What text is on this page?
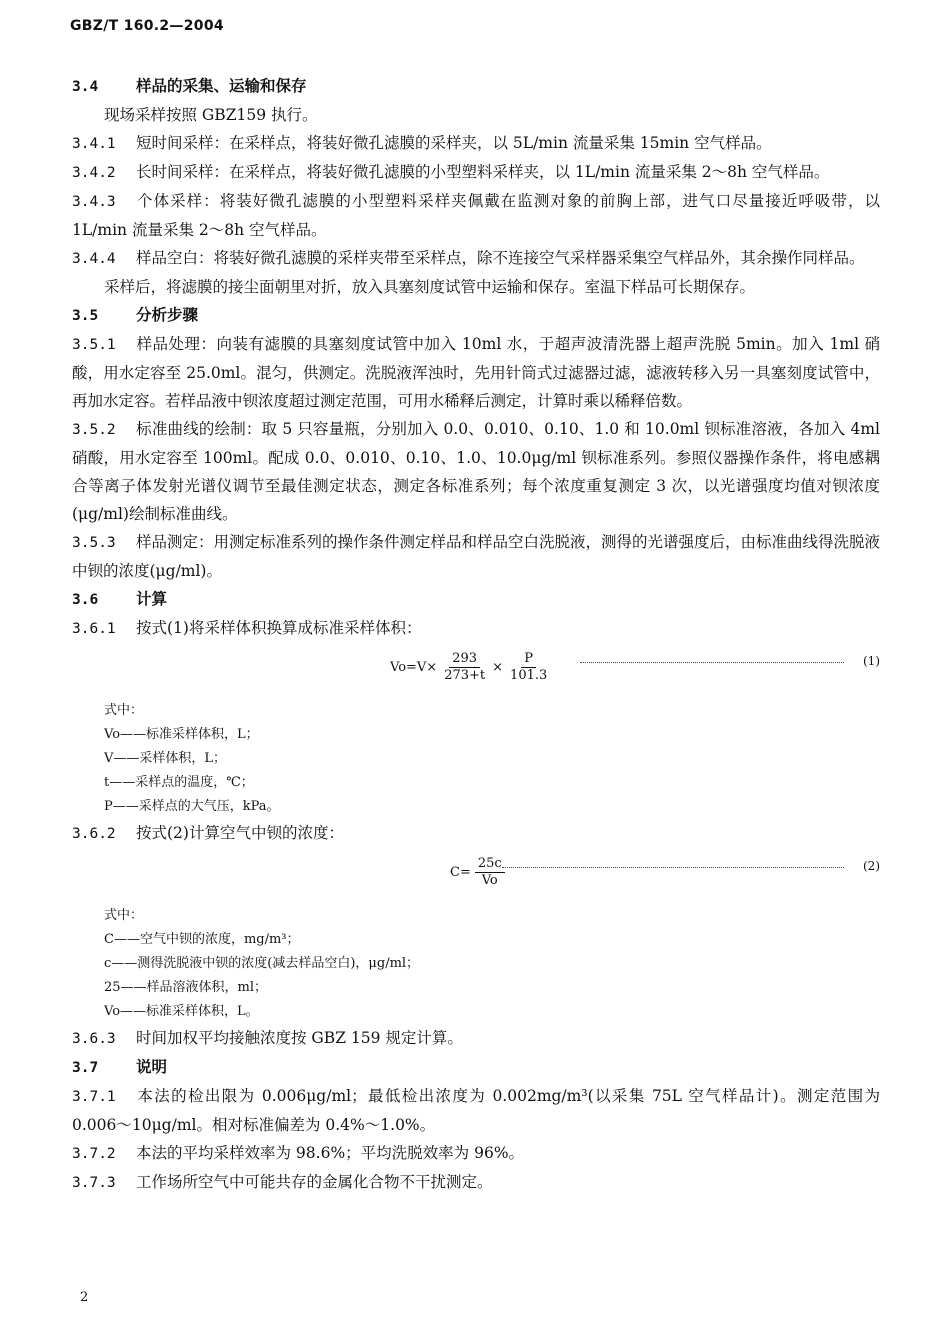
GBZ/T 160.2—2004

3.4 样品的采集、运输和保存

现场采样按照 GBZ159 执行。

3.4.1 短时间采样：在采样点，将装好微孔滤膜的采样夹，以 5L/min 流量采集 15min 空气样品。

3.4.2 长时间采样：在采样点，将装好微孔滤膜的小型塑料采样夹，以 1L/min 流量采集 2～8h 空气样品。

3.4.3 个体采样：将装好微孔滤膜的小型塑料采样夹佩戴在监测对象的前胸上部，进气口尽量接近呼吸带，以 1L/min 流量采集 2～8h 空气样品。

3.4.4 样品空白：将装好微孔滤膜的采样夹带至采样点，除不连接空气采样器采集空气样品外，其余操作同样品。

采样后，将滤膜的接尘面朝里对折，放入具塞刻度试管中运输和保存。室温下样品可长期保存。

3.5 分析步骤

3.5.1 样品处理：向装有滤膜的具塞刻度试管中加入 10ml 水，于超声波清洗器上超声洗脱 5min。加入 1ml 硝酸，用水定容至 25.0ml。混匀，供测定。洗脱液浑浊时，先用针筒式过滤器过滤，滤液转移入另一具塞刻度试管中，再加水定容。若样品液中钡浓度超过测定范围，可用水稀释后测定，计算时乘以稀释倍数。

3.5.2 标准曲线的绘制：取 5 只容量瓶，分别加入 0.0、0.010、0.10、1.0 和 10.0ml 钡标准溶液，各加入 4ml 硝酸，用水定容至 100ml。配成 0.0、0.010、0.10、1.0、10.0μg/ml 钡标准系列。参照仪器操作条件，将电感耦合等离子体发射光谱仪调节至最佳测定状态，测定各标准系列；每个浓度重复测定 3 次，以光谱强度均值对钡浓度(μg/ml)绘制标准曲线。

3.5.3 样品测定：用测定标准系列的操作条件测定样品和样品空白洗脱液，测得的光谱强度后，由标准曲线得洗脱液中钡的浓度(μg/ml)。

3.6 计算

3.6.1 按式(1)将采样体积换算成标准采样体积：

$Vo=V\times \frac{293}{273+t} \times \frac{P}{101.3}$	(1)
式中：
Vo——标准采样体积，L；
V——采样体积，L；
t——采样点的温度，℃；
P——采样点的大气压，kPa。

3.6.2 按式(2)计算空气中钡的浓度：

$C= \frac{25c}{Vo}$	(2)
式中：
C——空气中钡的浓度，mg/m³；
c——测得洗脱液中钡的浓度(减去样品空白)，μg/ml；
25——样品溶液体积，ml；
Vo——标准采样体积，L。

3.6.3 时间加权平均接触浓度按 GBZ 159 规定计算。

3.7 说明

3.7.1 本法的检出限为 0.006μg/ml；最低检出浓度为 0.002mg/m³(以采集 75L 空气样品计)。测定范围为 0.006～10μg/ml。相对标准偏差为 0.4%～1.0%。

3.7.2 本法的平均采样效率为 98.6%；平均洗脱效率为 96%。

3.7.3 工作场所空气中可能共存的金属化合物不干扰测定。

2
